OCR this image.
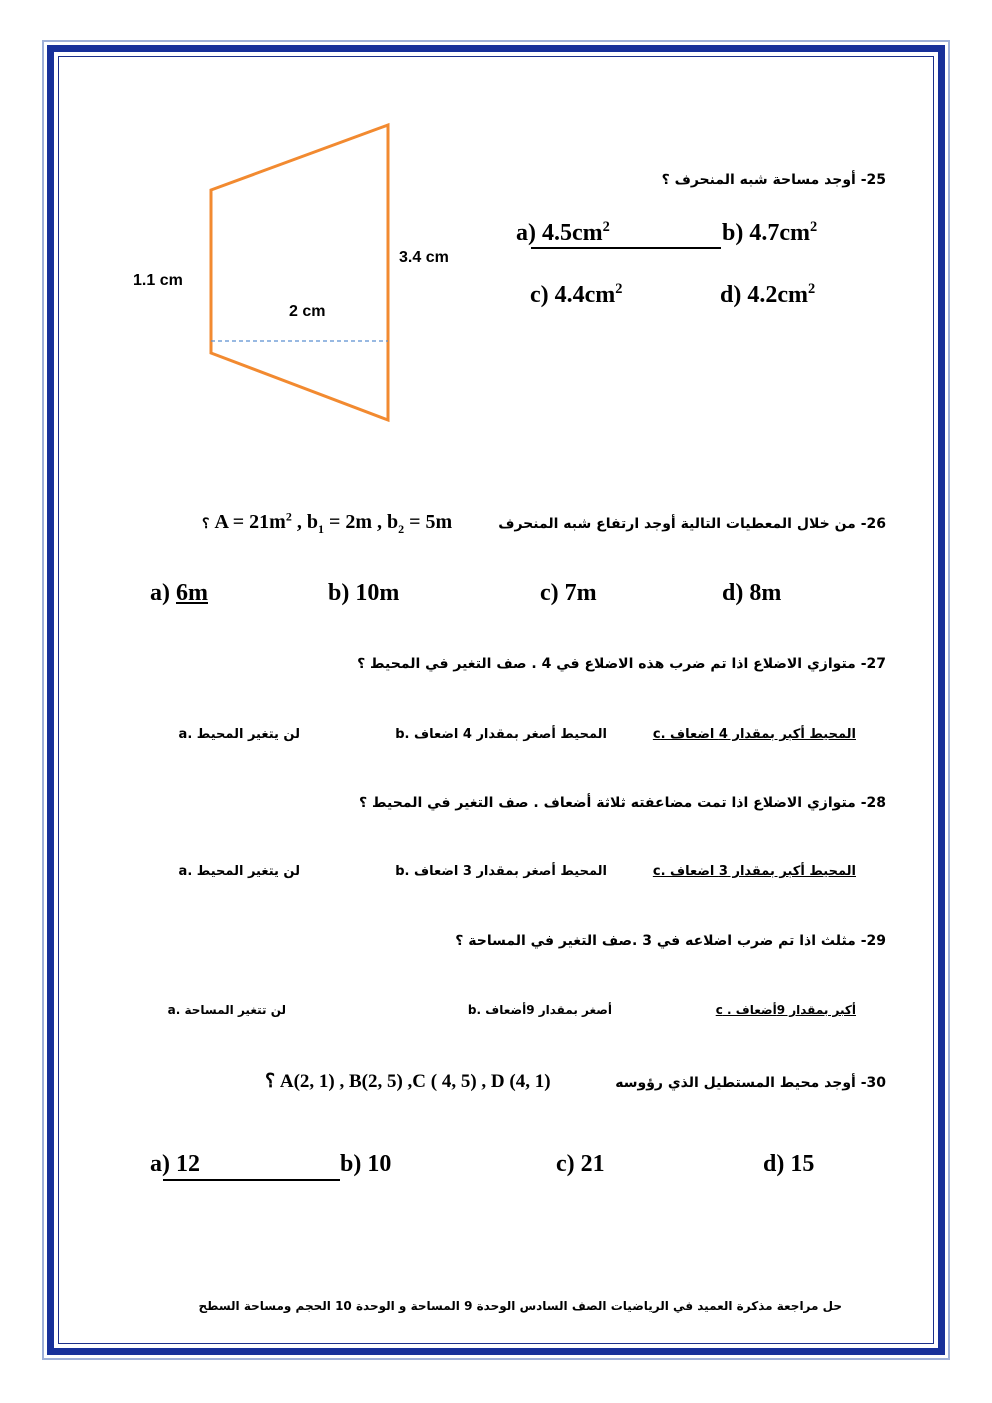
25- أوجد مساحة شبه المنحرف ؟
1.1 cm
3.4 cm
2 cm
a) $4.5cm^2$	b) $4.7cm^2$
c) $4.4cm^2$	d) $4.2cm^2$
26- من خلال المعطيات التالية أوجد ارتفاع شبه المنحرف
؟ $A = 21m^2$ , $b_1 = 2m$ , $b_2 = 5m$
a) 6m	b) 10m	c) 7m	d) 8m
27- متوازي الاضلاع اذا تم ضرب هذه الاضلاع في 4 . صف التغير في المحيط ؟
المحيط أكبر بمقدار 4 اضعاف .c
المحيط أصغر بمقدار 4 اضعاف .b
لن يتغير المحيط .a
28- متوازي الاضلاع اذا تمت مضاعفته ثلاثة أضعاف . صف التغير في المحيط ؟
المحيط أكبر بمقدار 3 اضعاف .c
المحيط أصغر بمقدار 3 اضعاف .b
لن يتغير المحيط .a
29- مثلث اذا تم ضرب اضلاعه في 3 .صف التغير في المساحة ؟
أكبر بمقدار 9أضعاف . c
أصغر بمقدار 9أضعاف .b
لن تتغير المساحة .a
30- أوجد محيط المستطيل الذي رؤوسه
؟ A(2, 1) , B(2, 5) ,C ( 4, 5) , D (4, 1)
a) 12	b) 10	c) 21	d) 15
حل مراجعة مذكرة العميد في الرياضيات الصف السادس الوحدة 9 المساحة و الوحدة 10 الحجم ومساحة السطح
